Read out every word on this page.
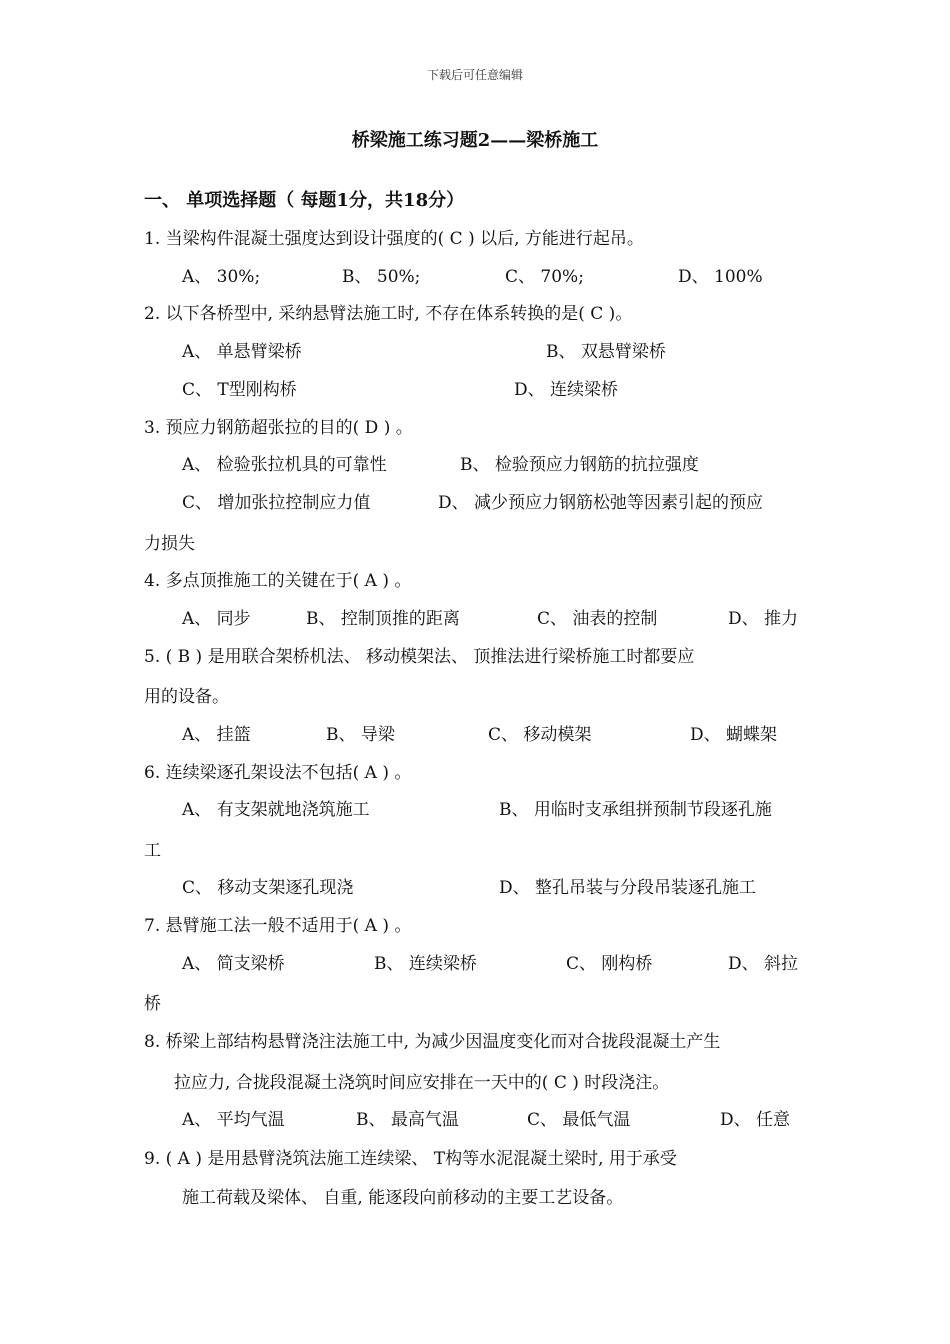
下载后可任意编辑
桥梁施工练习题2——梁桥施工
一、 单项选择题（ 每题1分，共18分）
1. 当梁构件混凝土强度达到设计强度的( C ) 以后, 方能进行起吊。
A、 30%;	B、 50%;	C、 70%;	D、 100%
2. 以下各桥型中, 采纳悬臂法施工时, 不存在体系转换的是( C )。
A、 单悬臂梁桥	B、 双悬臂梁桥
C、 T型刚构桥	D、 连续梁桥
3. 预应力钢筋超张拉的目的( D ) 。
A、 检验张拉机具的可靠性	B、 检验预应力钢筋的抗拉强度
C、 增加张拉控制应力值	D、 减少预应力钢筋松弛等因素引起的预应
力损失
4. 多点顶推施工的关键在于( A ) 。
A、 同步	B、 控制顶推的距离	C、 油表的控制	D、 推力
5. ( B ) 是用联合架桥机法、 移动模架法、 顶推法进行梁桥施工时都要应
用的设备。
A、 挂篮	B、 导梁	C、 移动模架	D、 蝴蝶架
6. 连续梁逐孔架设法不包括( A ) 。
A、 有支架就地浇筑施工	B、 用临时支承组拼预制节段逐孔施
工
C、 移动支架逐孔现浇	D、 整孔吊装与分段吊装逐孔施工
7. 悬臂施工法一般不适用于( A ) 。
A、 简支梁桥	B、 连续梁桥	C、 刚构桥	D、 斜拉
桥
8. 桥梁上部结构悬臂浇注法施工中, 为减少因温度变化而对合拢段混凝土产生
拉应力, 合拢段混凝土浇筑时间应安排在一天中的( C ) 时段浇注。
A、 平均气温	B、 最高气温	C、 最低气温	D、 任意
9. ( A ) 是用悬臂浇筑法施工连续梁、 T构等水泥混凝土梁时, 用于承受
施工荷载及梁体、 自重, 能逐段向前移动的主要工艺设备。
